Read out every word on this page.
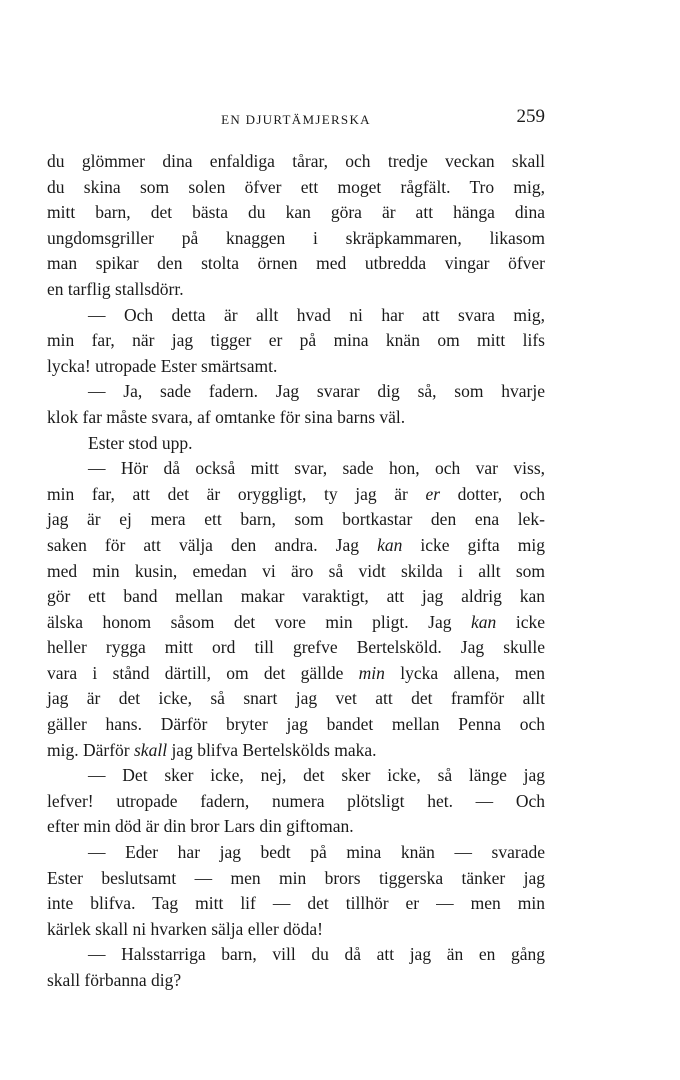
EN DJURTÄMJERSKA	259
du glömmer dina enfaldiga tårar, och tredje veckan skall
du skina som solen öfver ett moget rågfält. Tro mig,
mitt barn, det bästa du kan göra är att hänga dina
ungdomsgriller på knaggen i skräpkammaren, likasom
man spikar den stolta örnen med utbredda vingar öfver
en tarflig stallsdörr.
— Och detta är allt hvad ni har att svara mig,
min far, när jag tigger er på mina knän om mitt lifs
lycka! utropade Ester smärtsamt.
— Ja, sade fadern. Jag svarar dig så, som hvarje
klok far måste svara, af omtanke för sina barns väl.
Ester stod upp.
— Hör då också mitt svar, sade hon, och var viss,
min far, att det är oryggligt, ty jag är er dotter, och
jag är ej mera ett barn, som bortkastar den ena lek-
saken för att välja den andra. Jag kan icke gifta mig
med min kusin, emedan vi äro så vidt skilda i allt som
gör ett band mellan makar varaktigt, att jag aldrig kan
älska honom såsom det vore min pligt. Jag kan icke
heller rygga mitt ord till grefve Bertelsköld. Jag skulle
vara i stånd därtill, om det gällde min lycka allena, men
jag är det icke, så snart jag vet att det framför allt
gäller hans. Därför bryter jag bandet mellan Penna och
mig. Därför skall jag blifva Bertelskölds maka.
— Det sker icke, nej, det sker icke, så länge jag
lefver! utropade fadern, numera plötsligt het. — Och
efter min död är din bror Lars din giftoman.
— Eder har jag bedt på mina knän — svarade
Ester beslutsamt — men min brors tiggerska tänker jag
inte blifva. Tag mitt lif — det tillhör er — men min
kärlek skall ni hvarken sälja eller döda!
— Halsstarriga barn, vill du då att jag än en gång
skall förbanna dig?
